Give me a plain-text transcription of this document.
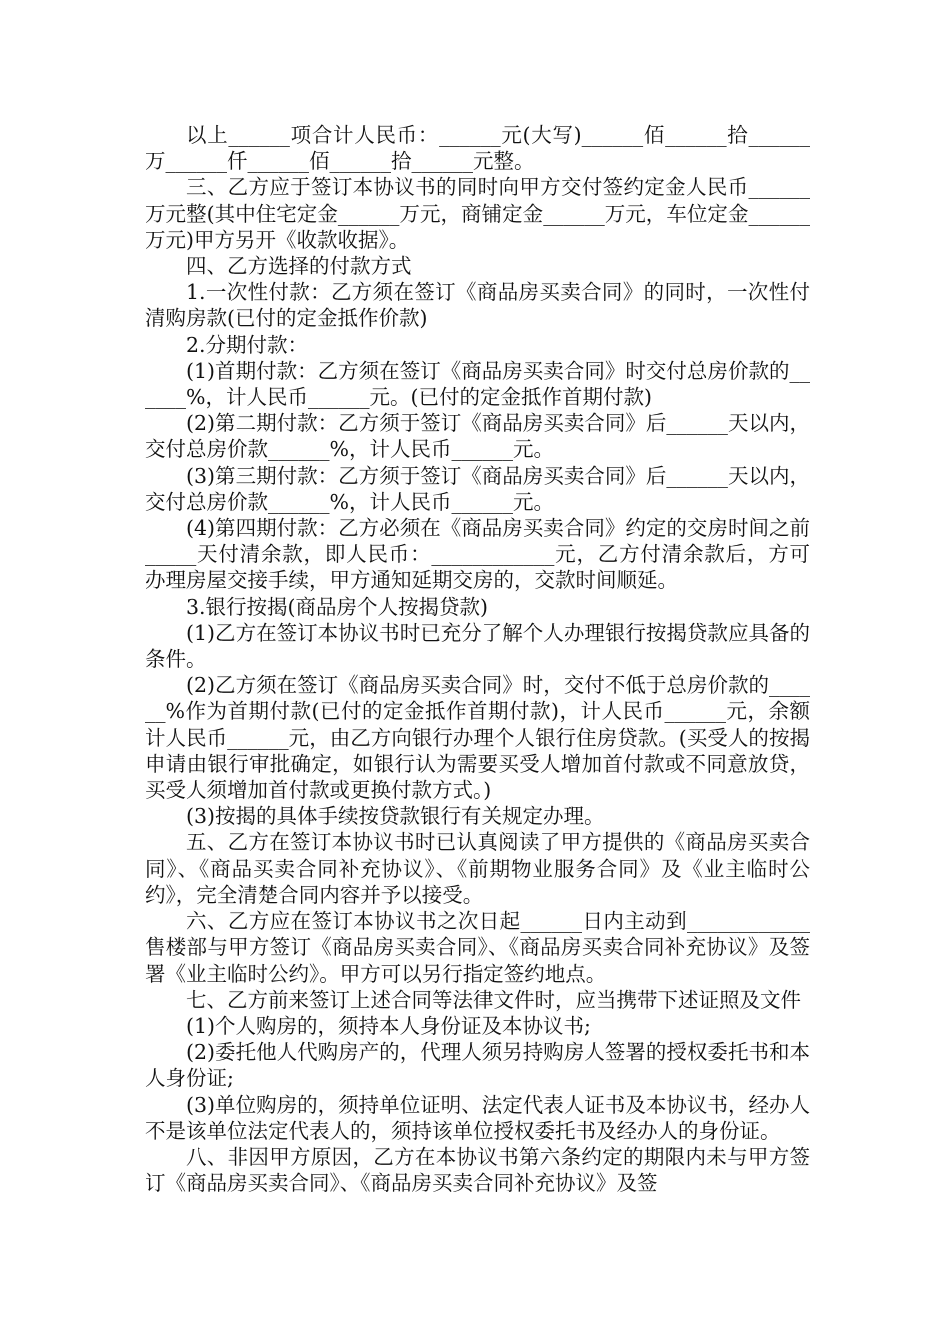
以上______项合计人民币：______元(大写)______佰______拾______万______仟______佰______拾______元整。

三、乙方应于签订本协议书的同时向甲方交付签约定金人民币______万元整(其中住宅定金______万元，商铺定金______万元，车位定金______万元)甲方另开《收款收据》。

四、乙方选择的付款方式

1.一次性付款：乙方须在签订《商品房买卖合同》的同时，一次性付清购房款(已付的定金抵作价款)

2.分期付款：

(1)首期付款：乙方须在签订《商品房买卖合同》时交付总房价款的______%，计人民币______元。(已付的定金抵作首期付款)

(2)第二期付款：乙方须于签订《商品房买卖合同》后______天以内，交付总房价款______%，计人民币______元。

(3)第三期付款：乙方须于签订《商品房买卖合同》后______天以内，交付总房价款______%，计人民币______元。

(4)第四期付款：乙方必须在《商品房买卖合同》约定的交房时间之前_____天付清余款，即人民币：____________元，乙方付清余款后，方可办理房屋交接手续，甲方通知延期交房的，交款时间顺延。

3.银行按揭(商品房个人按揭贷款)

(1)乙方在签订本协议书时已充分了解个人办理银行按揭贷款应具备的条件。

(2)乙方须在签订《商品房买卖合同》时，交付不低于总房价款的______%作为首期付款(已付的定金抵作首期付款)，计人民币______元，余额计人民币______元，由乙方向银行办理个人银行住房贷款。(买受人的按揭申请由银行审批确定，如银行认为需要买受人增加首付款或不同意放贷，买受人须增加首付款或更换付款方式。)

(3)按揭的具体手续按贷款银行有关规定办理。

五、乙方在签订本协议书时已认真阅读了甲方提供的《商品房买卖合同》、《商品买卖合同补充协议》、《前期物业服务合同》及《业主临时公约》，完全清楚合同内容并予以接受。

六、乙方应在签订本协议书之次日起______日内主动到____________售楼部与甲方签订《商品房买卖合同》、《商品房买卖合同补充协议》及签署《业主临时公约》。甲方可以另行指定签约地点。

七、乙方前来签订上述合同等法律文件时，应当携带下述证照及文件

(1)个人购房的，须持本人身份证及本协议书;

(2)委托他人代购房产的，代理人须另持购房人签署的授权委托书和本人身份证;

(3)单位购房的，须持单位证明、法定代表人证书及本协议书，经办人不是该单位法定代表人的，须持该单位授权委托书及经办人的身份证。

八、非因甲方原因，乙方在本协议书第六条约定的期限内未与甲方签订《商品房买卖合同》、《商品房买卖合同补充协议》及签
